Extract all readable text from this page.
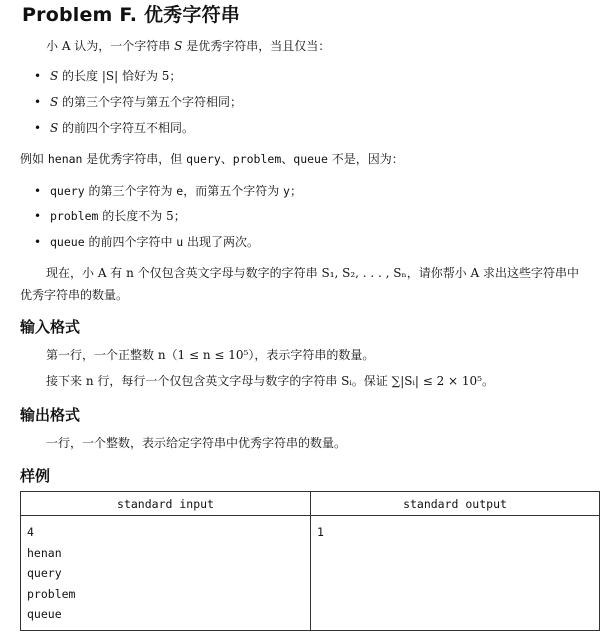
Problem F. 优秀字符串
小 A 认为，一个字符串 S 是优秀字符串，当且仅当：
• S 的长度 |S| 恰好为 5；
• S 的第三个字符与第五个字符相同；
• S 的前四个字符互不相同。
例如 henan 是优秀字符串，但 query、problem、queue 不是，因为：
• query 的第三个字符为 e，而第五个字符为 y；
• problem 的长度不为 5；
• queue 的前四个字符中 u 出现了两次。
现在，小 A 有 n 个仅包含英文字母与数字的字符串 S₁, S₂, . . . , Sₙ，请你帮小 A 求出这些字符串中
优秀字符串的数量。
输入格式
第一行，一个正整数 n（1 ≤ n ≤ 10⁵），表示字符串的数量。
接下来 n 行，每行一个仅包含英文字母与数字的字符串 Sᵢ。保证 ∑|Sᵢ| ≤ 2 × 10⁵。
输出格式
一行，一个整数，表示给定字符串中优秀字符串的数量。
样例
standard input	standard output

4
henan
query
problem
queue	1
